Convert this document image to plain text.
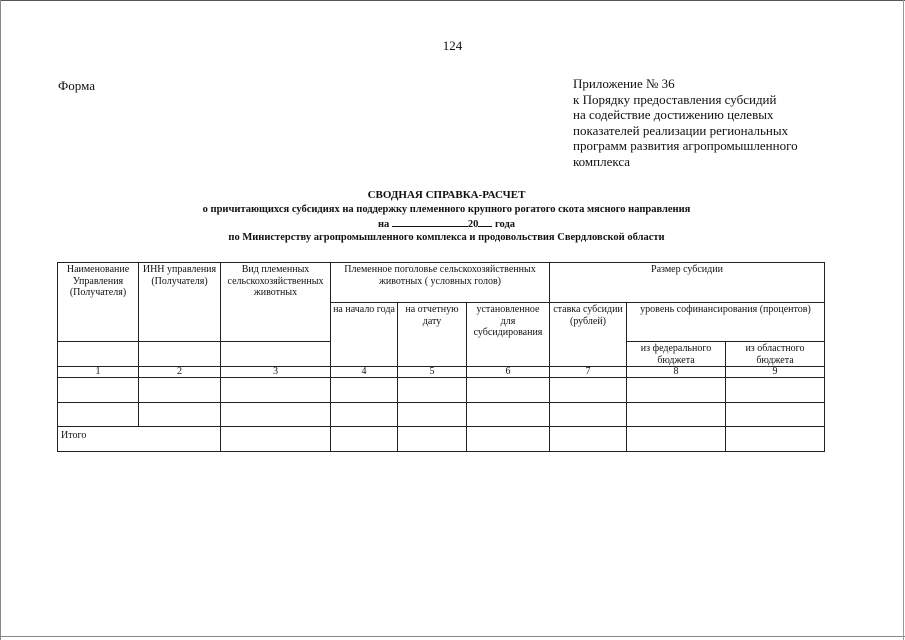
124
Форма	Приложение № 36
к Порядку предоставления субсидий
на содействие достижению целевых
показателей реализации региональных
программ развития агропромышленного
комплекса
СВОДНАЯ СПРАВКА-РАСЧЕТ
о причитающихся субсидиях на поддержку племенного крупного рогатого скота мясного направления
на	20 года
по Министерству агропромышленного комплекса и продовольствия Свердловской области
Наименование Управления (Получателя)	ИНН управления (Получателя)	Вид племенных сельскохозяйственных животных	Племенное поголовье сельскохозяйственных животных ( условных голов)			Размер субсидии		
			на начало года	на отчетную дату	установленное для субсидирования	ставка субсидии (рублей)	уровень софинансирования (процентов)	
							из федерального бюджета	из областного бюджета
1	2	3	4	5	6	7	8	9

Итого								
